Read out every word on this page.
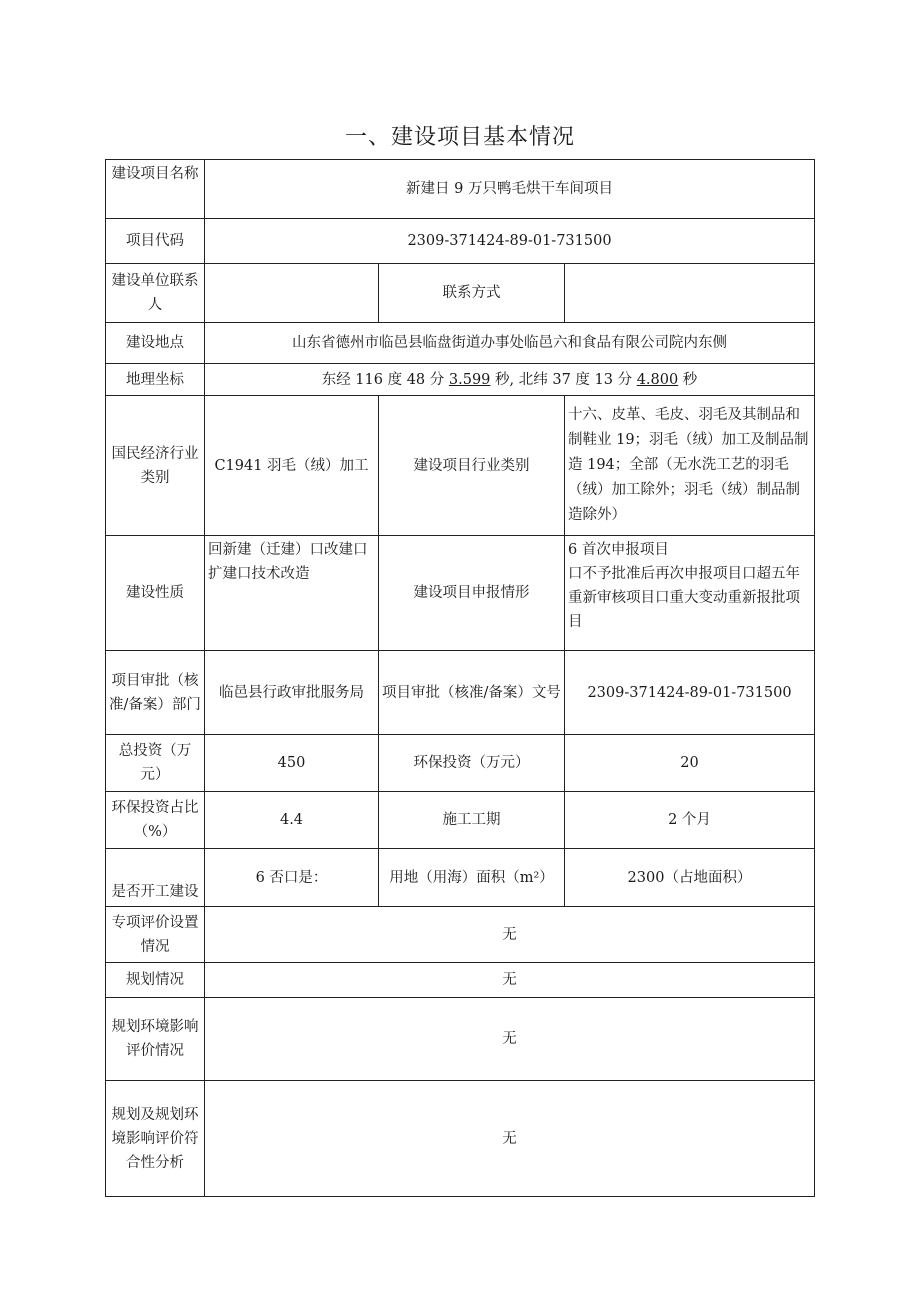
一、建设项目基本情况
建设项目名称	新建日 9 万只鸭毛烘干车间项目		
项目代码	2309-371424-89-01-731500		
建设单位联系人		联系方式	
建设地点	山东省德州市临邑县临盘街道办事处临邑六和食品有限公司院内东侧		
地理坐标	东经 116 度 48 分 3.599 秒, 北纬 37 度 13 分 4.800 秒		
国民经济行业类别	C1941 羽毛（绒）加工	建设项目行业类别	十六、皮革、毛皮、羽毛及其制品和制鞋业 19；羽毛（绒）加工及制品制造 194；全部（无水洗工艺的羽毛（绒）加工除外；羽毛（绒）制品制造除外）
建设性质	回新建（迁建）口改建口扩建口技术改造	建设项目申报情形	6 首次申报项目
口不予批准后再次申报项目口超五年重新审核项目口重大变动重新报批项目
项目审批（核准/备案）部门	临邑县行政审批服务局	项目审批（核准/备案）文号	2309-371424-89-01-731500
总投资（万元）	450	环保投资（万元）	20
环保投资占比（%）	4.4	施工工期	2 个月
是否开工建设	6 否口是：	用地（用海）面积（m²）	2300（占地面积）
专项评价设置情况	无		
规划情况	无		
规划环境影响评价情况	无		
规划及规划环境影响评价符合性分析	无		
